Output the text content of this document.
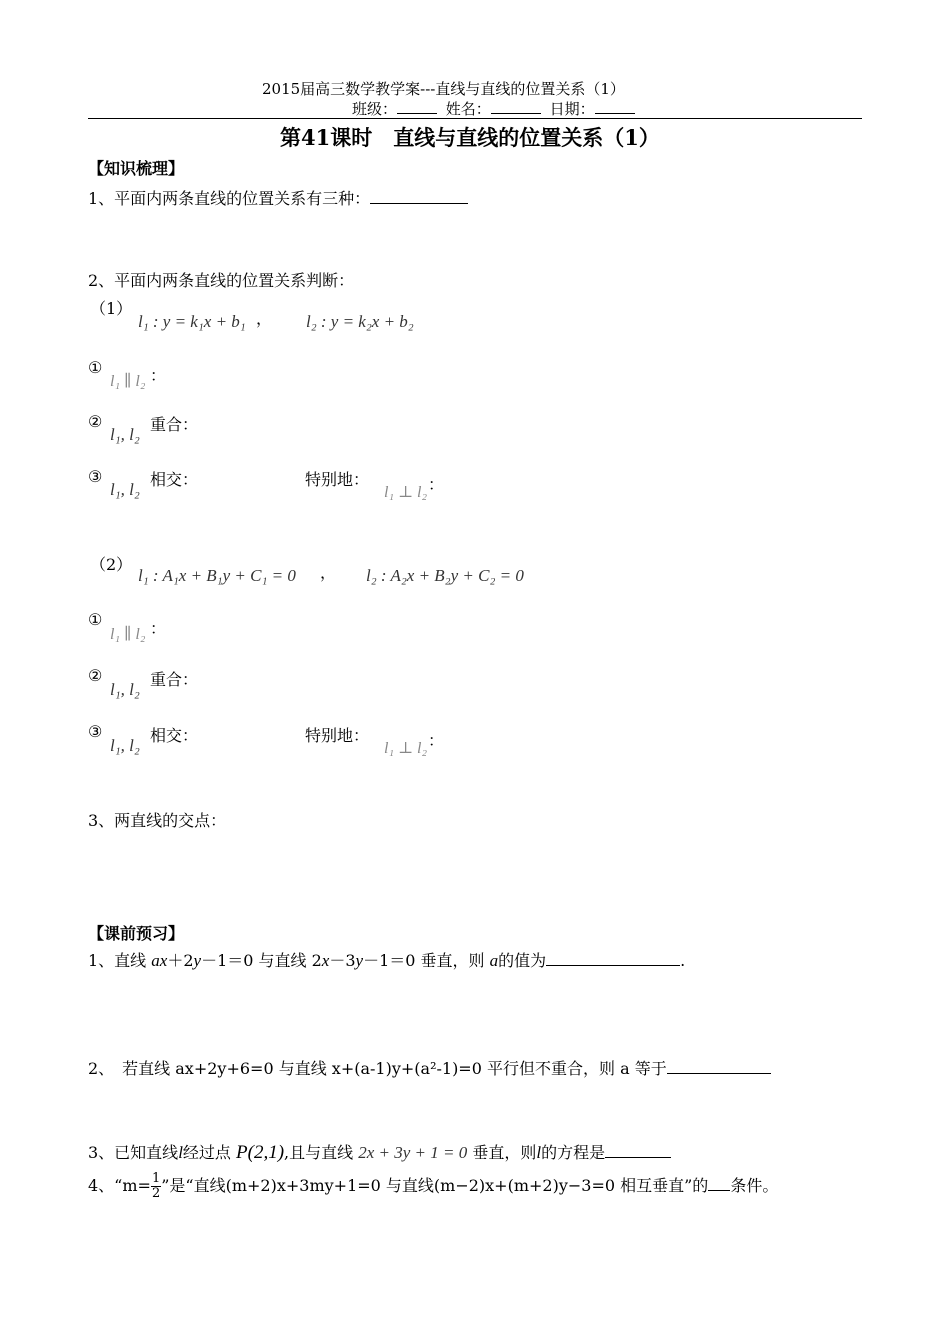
2015届高三数学教学案---直线与直线的位置关系（1）
班级：	姓名：	日期：
第41课时　直线与直线的位置关系（1）
【知识梳理】
1、平面内两条直线的位置关系有三种：
2、平面内两条直线的位置关系判断：
（1）
l₁ : y = k₁x + b₁ ， l₂ : y = k₂x + b₂
①
l₁ ∥ l₂ ：
②
l₁, l₂
重合：
③
l₁, l₂
相交：	特别地：
l₁ ⊥ l₂ ：
（2）
l₁ : A₁x + B₁y + C₁ = 0 ， l₂ : A₂x + B₂y + C₂ = 0
①
l₁ ∥ l₂ ：
②
l₁, l₂
重合：
③
l₁, l₂
相交：	特别地：
l₁ ⊥ l₂ ：
3、两直线的交点：
【课前预习】
1、直线 ax＋2y－1＝0 与直线 2x－3y－1＝0 垂直，则 a的值为	.
2、　若直线 ax+2y+6=0 与直线 x+(a-1)y+(a²-1)=0 平行但不重合，则 a 等于
3、已知直线l经过点 P(2,1),且与直线 2x + 3y + 1 = 0 垂直，则l的方程是
4、“$m= \frac{1}{2}$ ”是“直线(m+2)x+3my+1=0 与直线(m−2)x+(m+2)y−3=0 相互垂直”的 条件。
